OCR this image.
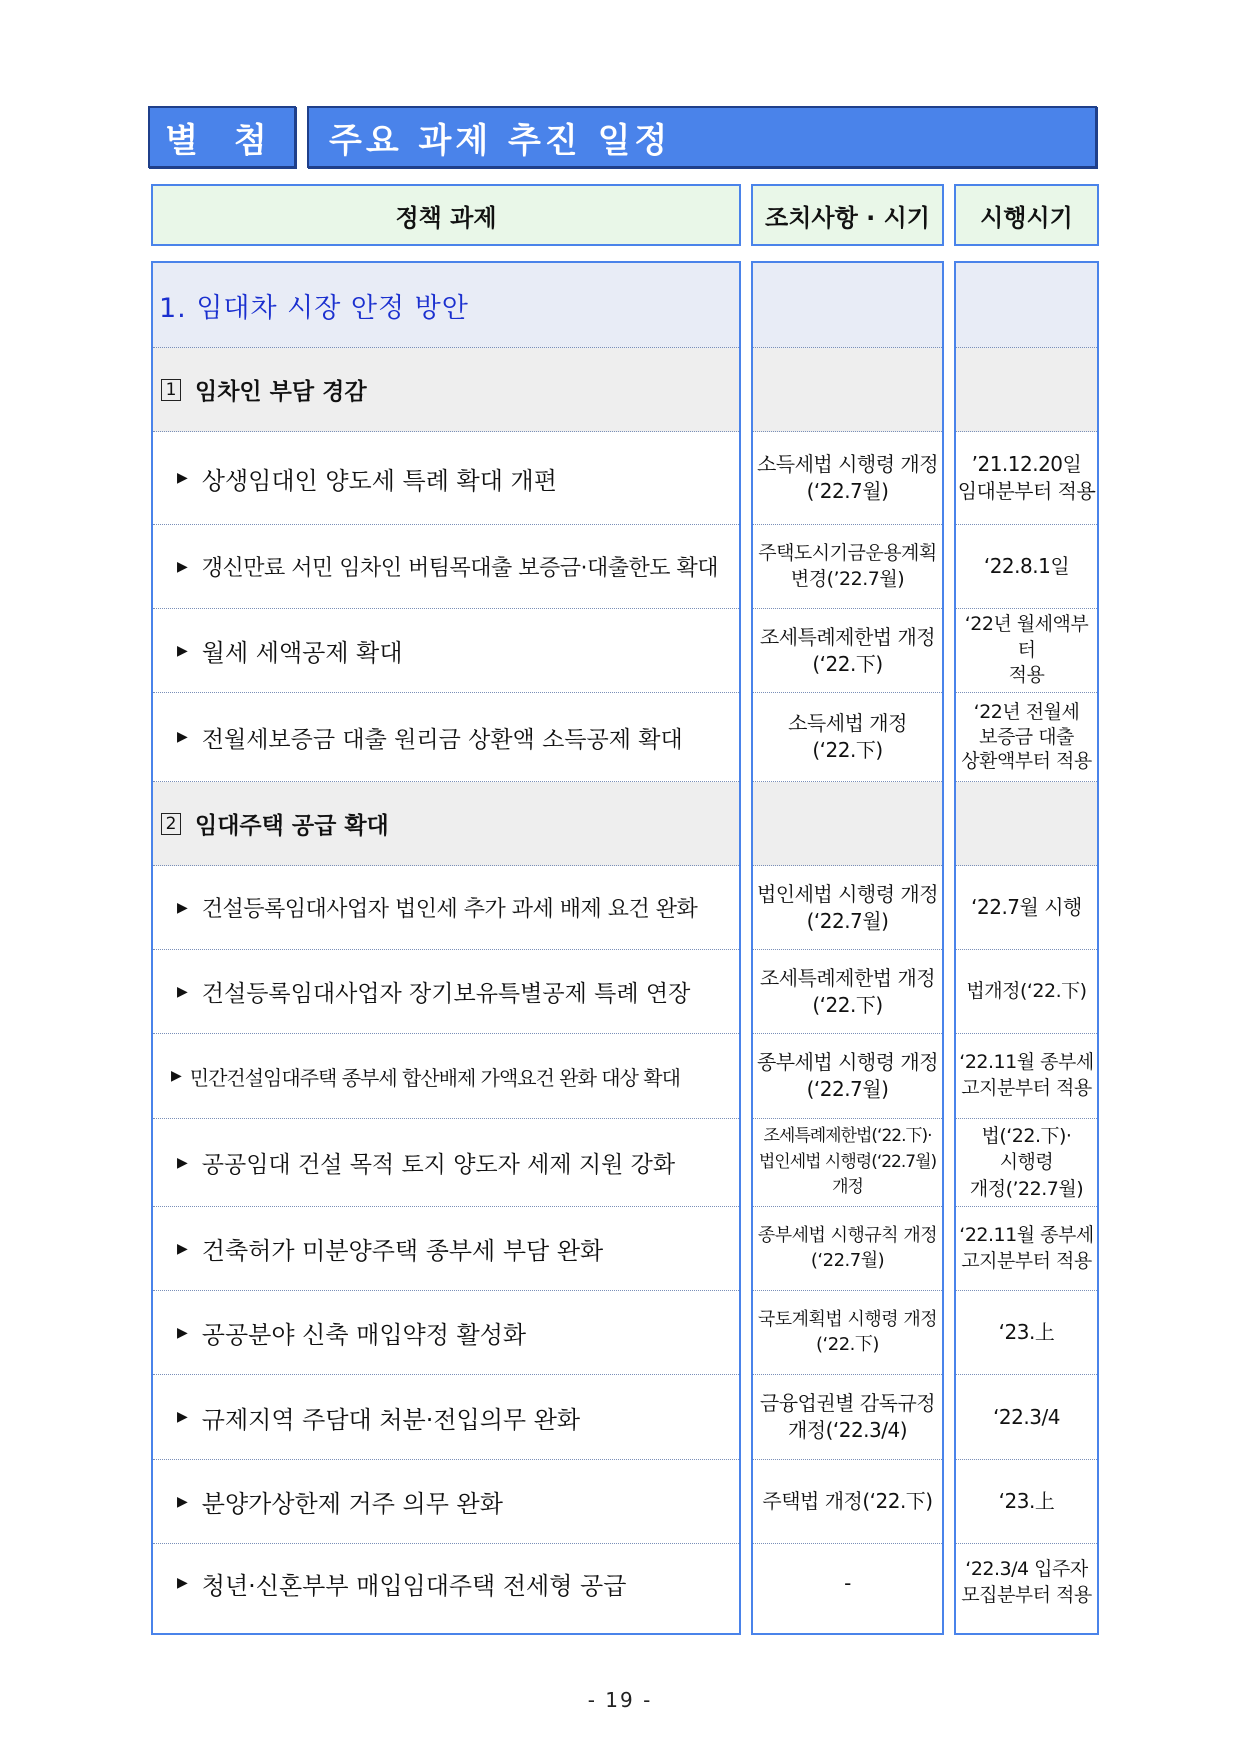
별 첨 주요 과제 추진 일정
정책 과제	조치사항 · 시기 시행시기
1. 임대차 시장 안정 방안
1 임차인 부담 경감
▶ 상생임대인 양도세 특례 확대 개편
▶ 갱신만료 서민 임차인 버팀목대출 보증금·대출한도 확대
▶ 월세 세액공제 확대
▶ 전월세보증금 대출 원리금 상환액 소득공제 확대
2 임대주택 공급 확대
▶ 건설등록임대사업자 법인세 추가 과세 배제 요건 완화
▶ 건설등록임대사업자 장기보유특별공제 특례 연장
▶ 민간건설임대주택 종부세 합산배제 가액요건 완화 대상 확대
▶ 공공임대 건설 목적 토지 양도자 세제 지원 강화
▶ 건축허가 미분양주택 종부세 부담 완화
▶ 공공분야 신축 매입약정 활성화
▶ 규제지역 주담대 처분·전입의무 완화
▶ 분양가상한제 거주 의무 완화
▶ 청년·신혼부부 매입임대주택 전세형 공급
소득세법 시행령 개정
(‘22.7월)
주택도시기금운용계획
변경(’22.7월)
조세특례제한법 개정
(‘22.下)
소득세법 개정
(‘22.下)
법인세법 시행령 개정
(‘22.7월)
조세특례제한법 개정
(‘22.下)
종부세법 시행령 개정
(‘22.7월)
조세특례제한법(‘22.下)·
법인세법 시행령(‘22.7월)
개정
종부세법 시행규칙 개정
(‘22.7월)
국토계획법 시행령 개정
(‘22.下)
금융업권별 감독규정
개정(‘22.3/4)
주택법 개정(‘22.下)
-
’21.12.20일
임대분부터 적용
‘22.8.1일
‘22년 월세액부터
적용
‘22년 전월세
보증금 대출
상환액부터 적용
‘22.7월 시행
법개정(‘22.下)
‘22.11월 종부세
고지분부터 적용
법(‘22.下)·
시행령
개정(’22.7월)
‘22.11월 종부세
고지분부터 적용
‘23.上
‘22.3/4
‘23.上
‘22.3/4 입주자
모집분부터 적용
- 19 -
